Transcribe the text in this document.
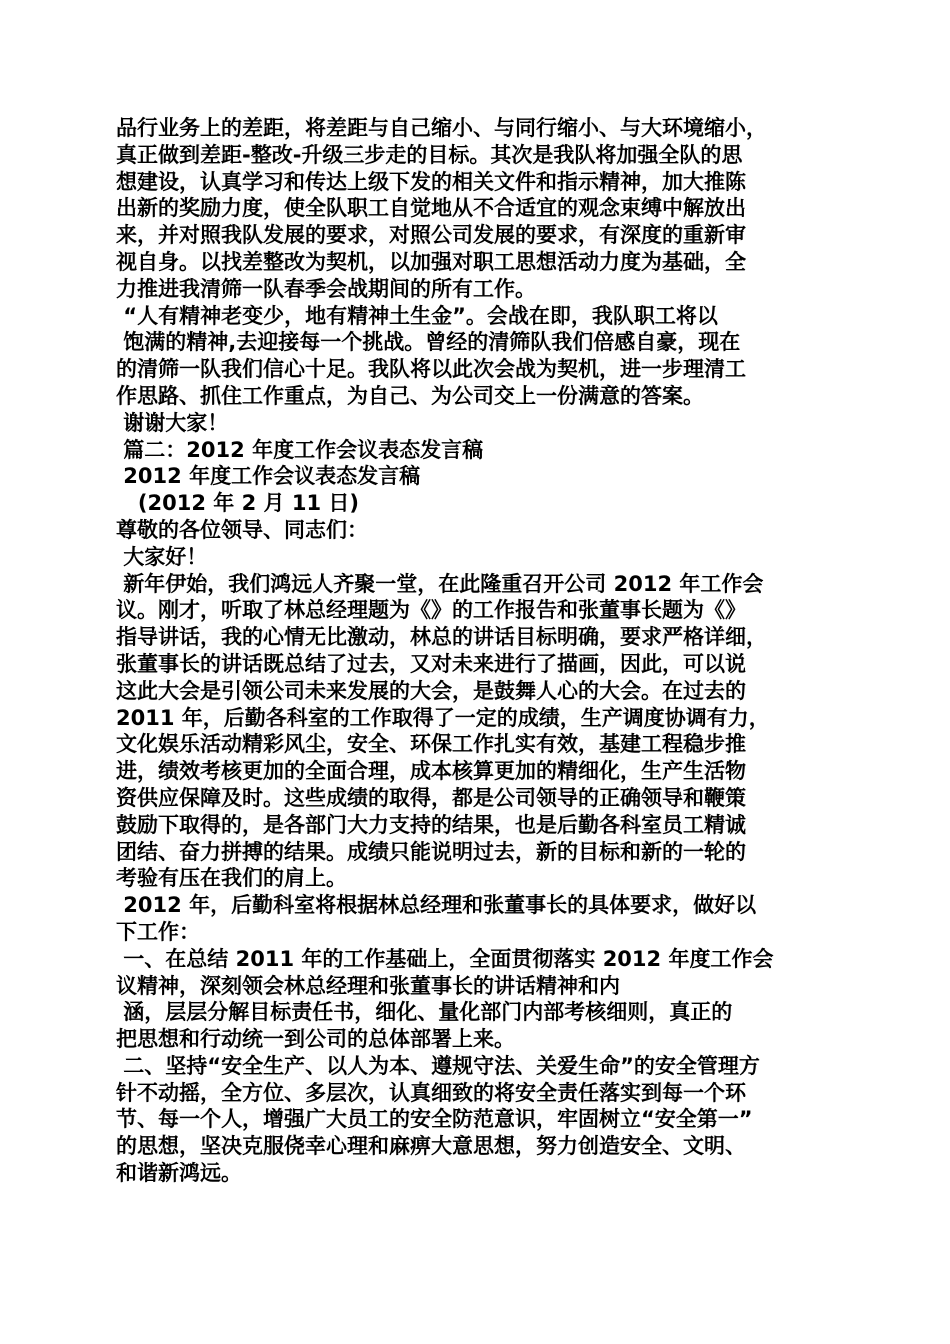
品行业务上的差距，将差距与自己缩小、与同行缩小、与大环境缩小，
真正做到差距-整改-升级三步走的目标。其次是我队将加强全队的思
想建设，认真学习和传达上级下发的相关文件和指示精神，加大推陈
出新的奖励力度，使全队职工自觉地从不合适宜的观念束缚中解放出
来，并对照我队发展的要求，对照公司发展的要求，有深度的重新审
视自身。以找差整改为契机，以加强对职工思想活动力度为基础，全
力推进我清筛一队春季会战期间的所有工作。
“人有精神老变少，地有精神土生金”。会战在即，我队职工将以
饱满的精神,去迎接每一个挑战。曾经的清筛队我们倍感自豪，现在
的清筛一队我们信心十足。我队将以此次会战为契机，进一步理清工
作思路、抓住工作重点，为自己、为公司交上一份满意的答案。
谢谢大家！
篇二：2012 年度工作会议表态发言稿
2012 年度工作会议表态发言稿
(2012 年 2 月 11 日)
尊敬的各位领导、同志们：
大家好！
新年伊始，我们鸿远人齐聚一堂，在此隆重召开公司 2012 年工作会
议。刚才，听取了林总经理题为《》的工作报告和张董事长题为《》
指导讲话，我的心情无比激动，林总的讲话目标明确，要求严格详细，
张董事长的讲话既总结了过去，又对未来进行了描画，因此，可以说
这此大会是引领公司未来发展的大会，是鼓舞人心的大会。在过去的
2011 年，后勤各科室的工作取得了一定的成绩，生产调度协调有力，
文化娱乐活动精彩风尘，安全、环保工作扎实有效，基建工程稳步推
进，绩效考核更加的全面合理，成本核算更加的精细化，生产生活物
资供应保障及时。这些成绩的取得，都是公司领导的正确领导和鞭策
鼓励下取得的，是各部门大力支持的结果，也是后勤各科室员工精诚
团结、奋力拼搏的结果。成绩只能说明过去，新的目标和新的一轮的
考验有压在我们的肩上。
2012 年，后勤科室将根据林总经理和张董事长的具体要求，做好以
下工作：
一、在总结 2011 年的工作基础上，全面贯彻落实 2012 年度工作会
议精神，深刻领会林总经理和张董事长的讲话精神和内
涵，层层分解目标责任书，细化、量化部门内部考核细则，真正的
把思想和行动统一到公司的总体部署上来。
二、坚持“安全生产、以人为本、遵规守法、关爱生命”的安全管理方
针不动摇，全方位、多层次，认真细致的将安全责任落实到每一个环
节、每一个人，增强广大员工的安全防范意识，牢固树立“安全第一”
的思想，坚决克服侥幸心理和麻痹大意思想，努力创造安全、文明、
和谐新鸿远。
